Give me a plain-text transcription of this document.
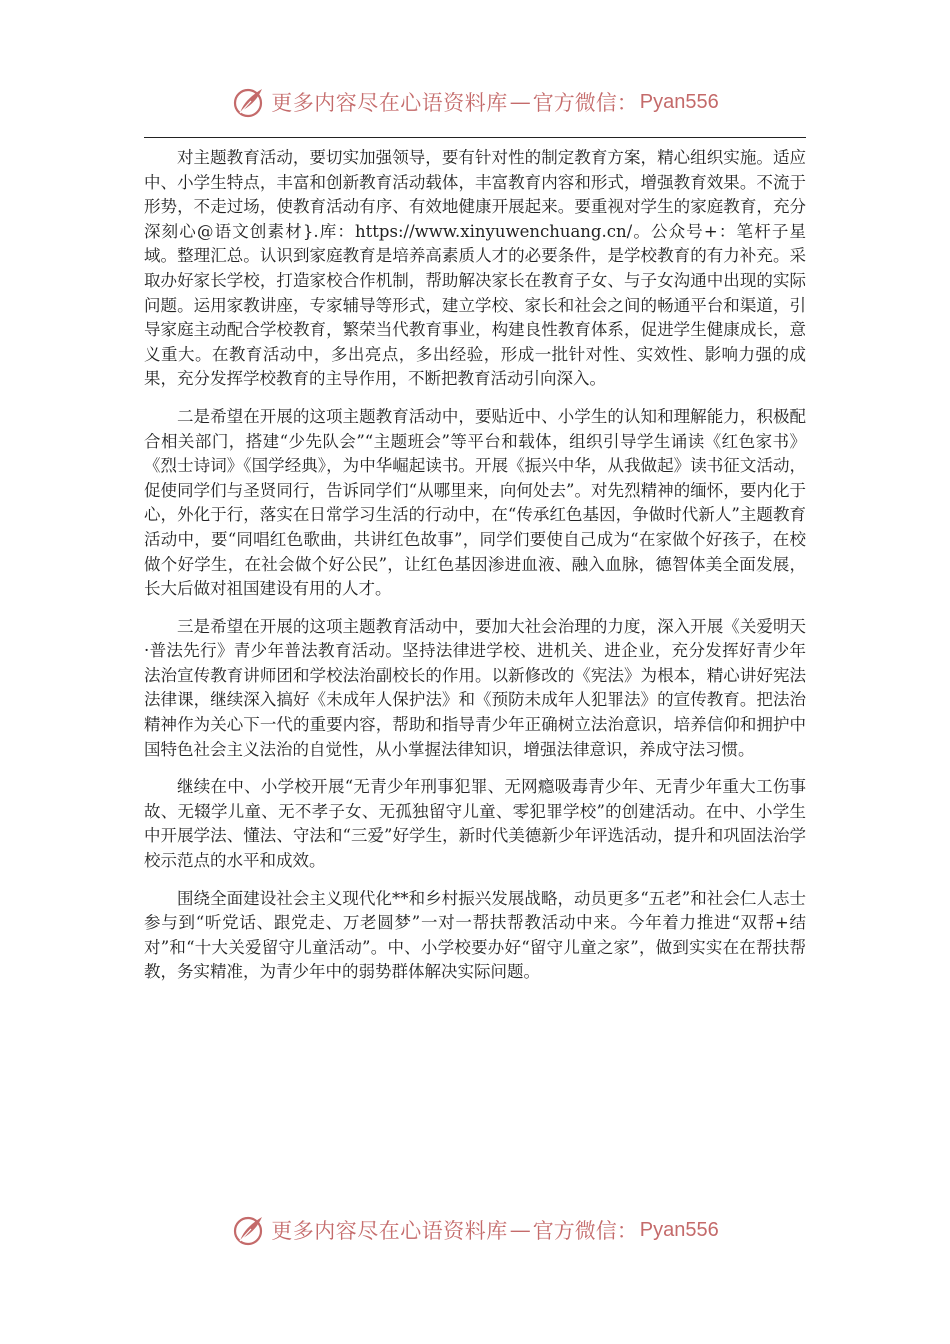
更多内容尽在心语资料库 — 官方微信： Pyan556

对主题教育活动，要切实加强领导，要有针对性的制定教育方案，精心组织实施。适应中、小学生特点，丰富和创新教育活动载体，丰富教育内容和形式，增强教育效果。不流于形势，不走过场，使教育活动有序、有效地健康开展起来。要重视对学生的家庭教育，充分深刻心@语文创素材}.库：https://www.xinyuwenchuang.cn/。公众号+：笔杆子星域。整理汇总。认识到家庭教育是培养高素质人才的必要条件，是学校教育的有力补充。采取办好家长学校，打造家校合作机制，帮助解决家长在教育子女、与子女沟通中出现的实际问题。运用家教讲座，专家辅导等形式，建立学校、家长和社会之间的畅通平台和渠道，引导家庭主动配合学校教育，繁荣当代教育事业，构建良性教育体系，促进学生健康成长，意义重大。在教育活动中，多出亮点，多出经验，形成一批针对性、实效性、影响力强的成果，充分发挥学校教育的主导作用，不断把教育活动引向深入。

二是希望在开展的这项主题教育活动中，要贴近中、小学生的认知和理解能力，积极配合相关部门，搭建“少先队会”“主题班会”等平台和载体，组织引导学生诵读《红色家书》《烈士诗词》《国学经典》，为中华崛起读书。开展《振兴中华，从我做起》读书征文活动，促使同学们与圣贤同行，告诉同学们“从哪里来，向何处去”。对先烈精神的缅怀，要内化于心，外化于行，落实在日常学习生活的行动中，在“传承红色基因，争做时代新人”主题教育活动中，要“同唱红色歌曲，共讲红色故事”，同学们要使自己成为“在家做个好孩子，在校做个好学生，在社会做个好公民”，让红色基因渗进血液、融入血脉，德智体美全面发展，长大后做对祖国建设有用的人才。

三是希望在开展的这项主题教育活动中，要加大社会治理的力度，深入开展《关爱明天·普法先行》青少年普法教育活动。坚持法律进学校、进机关、进企业，充分发挥好青少年法治宣传教育讲师团和学校法治副校长的作用。以新修改的《宪法》为根本，精心讲好宪法法律课，继续深入搞好《未成年人保护法》和《预防未成年人犯罪法》的宣传教育。把法治精神作为关心下一代的重要内容，帮助和指导青少年正确树立法治意识，培养信仰和拥护中国特色社会主义法治的自觉性，从小掌握法律知识，增强法律意识，养成守法习惯。

继续在中、小学校开展“无青少年刑事犯罪、无网瘾吸毒青少年、无青少年重大工伤事故、无辍学儿童、无不孝子女、无孤独留守儿童、零犯罪学校”的创建活动。在中、小学生中开展学法、懂法、守法和“三爱”好学生，新时代美德新少年评选活动，提升和巩固法治学校示范点的水平和成效。

围绕全面建设社会主义现代化**和乡村振兴发展战略，动员更多“五老”和社会仁人志士参与到“听党话、跟党走、万老圆梦”一对一帮扶帮教活动中来。今年着力推进“双帮+结对”和“十大关爱留守儿童活动”。中、小学校要办好“留守儿童之家”，做到实实在在帮扶帮教，务实精准，为青少年中的弱势群体解决实际问题。

更多内容尽在心语资料库 — 官方微信： Pyan556
